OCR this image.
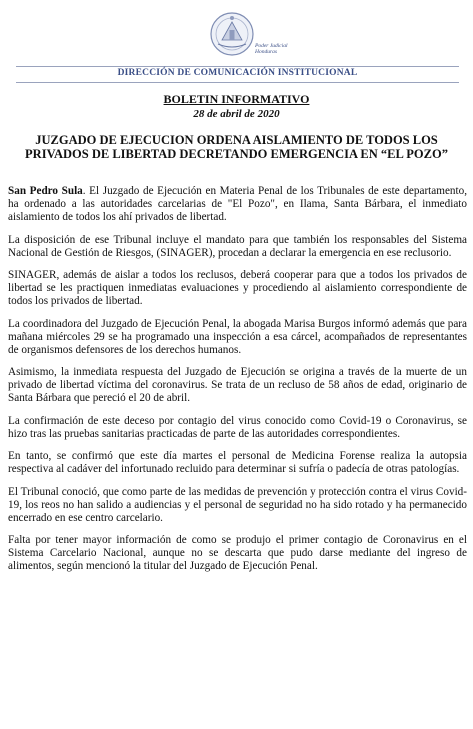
Poder Judicial
Honduras
DIRECCIÓN DE COMUNICACIÓN INSTITUCIONAL
BOLETIN INFORMATIVO
28 de abril de 2020
JUZGADO DE EJECUCION ORDENA AISLAMIENTO DE TODOS LOS PRIVADOS DE LIBERTAD DECRETANDO EMERGENCIA EN “EL POZO”

San Pedro Sula. El Juzgado de Ejecución en Materia Penal de los Tribunales de este departamento, ha ordenado a las autoridades carcelarias de "El Pozo", en Ilama, Santa Bárbara, el inmediato aislamiento de todos los ahí privados de libertad.

La disposición de ese Tribunal incluye el mandato para que también los responsables del Sistema Nacional de Gestión de Riesgos, (SINAGER), procedan a declarar la emergencia en ese reclusorio.

SINAGER, además de aislar a todos los reclusos, deberá cooperar para que a todos los privados de libertad se les practiquen inmediatas evaluaciones y procediendo al aislamiento correspondiente de todos los privados de libertad.

La coordinadora del Juzgado de Ejecución Penal, la abogada Marisa Burgos informó además que para mañana miércoles 29 se ha programado una inspección a esa cárcel, acompañados de representantes de organismos defensores de los derechos humanos.

Asimismo, la inmediata respuesta del Juzgado de Ejecución se origina a través de la muerte de un privado de libertad víctima del coronavirus. Se trata de un recluso de 58 años de edad, originario de Santa Bárbara que pereció el 20 de abril.

La confirmación de este deceso por contagio del virus conocido como Covid-19 o Coronavirus, se hizo tras las pruebas sanitarias practicadas de parte de las autoridades correspondientes.

En tanto, se confirmó que este día martes el personal de Medicina Forense realiza la autopsia respectiva al cadáver del infortunado recluido para determinar si sufría o padecía de otras patologías.

El Tribunal conoció, que como parte de las medidas de prevención y protección contra el virus Covid-19, los reos no han salido a audiencias y el personal de seguridad no ha sido rotado y ha permanecido encerrado en ese centro carcelario.

Falta por tener mayor información de como se produjo el primer contagio de Coronavirus en el Sistema Carcelario Nacional, aunque no se descarta que pudo darse mediante del ingreso de alimentos, según mencionó la titular del Juzgado de Ejecución Penal.
